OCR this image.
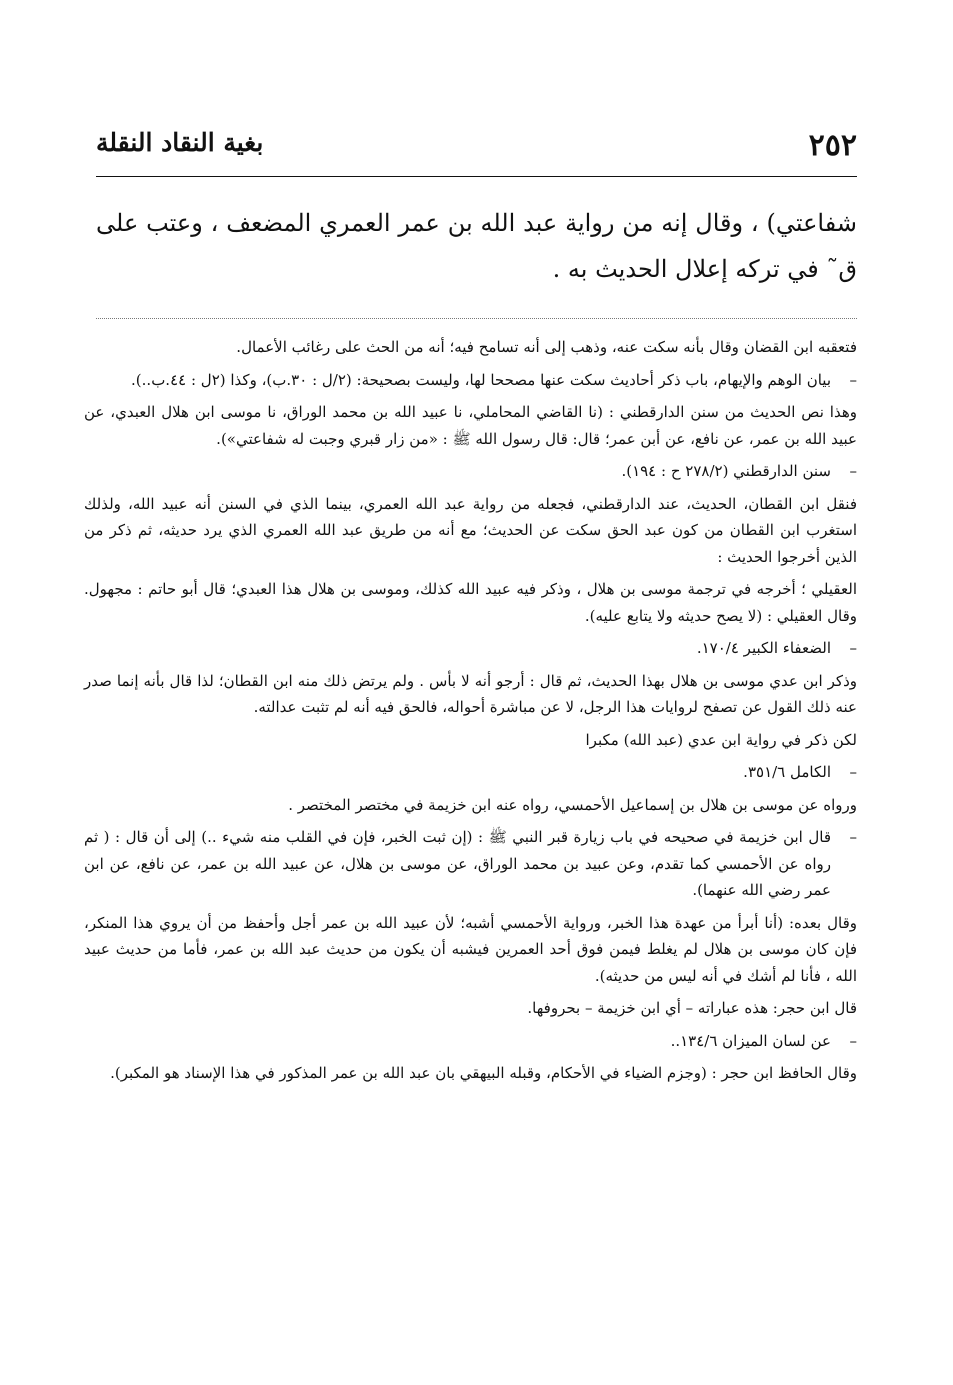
٢٥٢
بغية النقاد النقلة
شفاعتي) ، وقال إنه من رواية عبد الله بن عمر العمري المضعف ، وعتب على ق˜ في تركه إعلال الحديث به .

فتعقبه ابن القضان وقال بأنه سكت عنه، وذهب إلى أنه تسامح فيه؛ أنه من الحث على رغائب الأعمال.

–
بيان الوهم والإيهام، باب ذكر أحاديث سكت عنها مصححا لها، وليست بصحيحة: (٢/ل : ٣٠.ب)، وكذا (٢ل : ٤٤.ب..).

وهذا نص الحديث من سنن الدارقطني : (نا القاضي المحاملي، نا عبيد الله بن محمد الوراق، نا موسى ابن هلال العبدي، عن عبيد الله بن عمر، عن نافع، عن أبن عمر؛ قال: قال رسول الله ﷺ : «من زار قبري وجبت له شفاعتي»).

–
سنن الدارقطني (٢٧٨/٢ ح : ١٩٤).

فنقل ابن القطان، الحديث، عند الدارقطني، فجعله من رواية عبد الله العمري، بينما الذي في السنن أنه عبيد الله، ولذلك استغرب ابن القطان من كون عبد الحق سكت عن الحديث؛ مع أنه من طريق عبد الله العمري الذي يرد حديثه، ثم ذكر من الذين أخرجوا الحديث :

العقيلي ؛ أخرجه في ترجمة موسى بن هلال ، وذكر فيه عبيد الله كذلك، وموسى بن هلال هذا العبدي؛ قال أبو حاتم : مجهول. وقال العقيلي : (لا يصح حديثه ولا يتابع عليه).

–
الضعفاء الكبير ١٧٠/٤.

وذكر ابن عدي موسى بن هلال بهذا الحديث، ثم قال : أرجو أنه لا بأس . ولم يرتض ذلك منه ابن القطان؛ لذا قال بأنه إنما صدر عنه ذلك القول عن تصفح لروايات هذا الرجل، لا عن مباشرة أحواله، فالحق فيه أنه لم تثبت عدالته.

لكن ذكر في رواية ابن عدي (عبد الله) مكبرا

–
الكامل ٣٥١/٦.

ورواه عن موسى بن هلال بن إسماعيل الأحمسي، رواه عنه ابن خزيمة في مختصر المختصر .

–
قال ابن خزيمة في صحيحه في باب زيارة قبر النبي ﷺ : (إن ثبت الخبر، فإن في القلب منه شيء ..) إلى أن قال : ( ثم رواه عن الأحمسي كما تقدم، وعن عبيد بن محمد الوراق، عن موسى بن هلال، عن عبيد الله بن عمر، عن نافع، عن ابن عمر رضي الله عنهما).

وقال بعده: (أنا أبرأ من عهدة هذا الخبر، ورواية الأحمسي أشبه؛ لأن عبيد الله بن عمر أجل وأحفظ من أن يروي هذا المنكر، فإن كان موسى بن هلال لم يغلط فيمن فوق أحد العمرين فيشبه أن يكون من حديث عبد الله بن عمر، فأما من حديث عبيد الله ، فأنا لم أشك في أنه ليس من حديثه).

قال ابن حجر: هذه عباراته – أي ابن خزيمة – بحروفها.

–
عن لسان الميزان ١٣٤/٦..

وقال الحافظ ابن حجر : (وجزم الضياء في الأحكام، وقبله البيهقي بان عبد الله بن عمر المذكور في هذا الإسناد هو المكبر).
